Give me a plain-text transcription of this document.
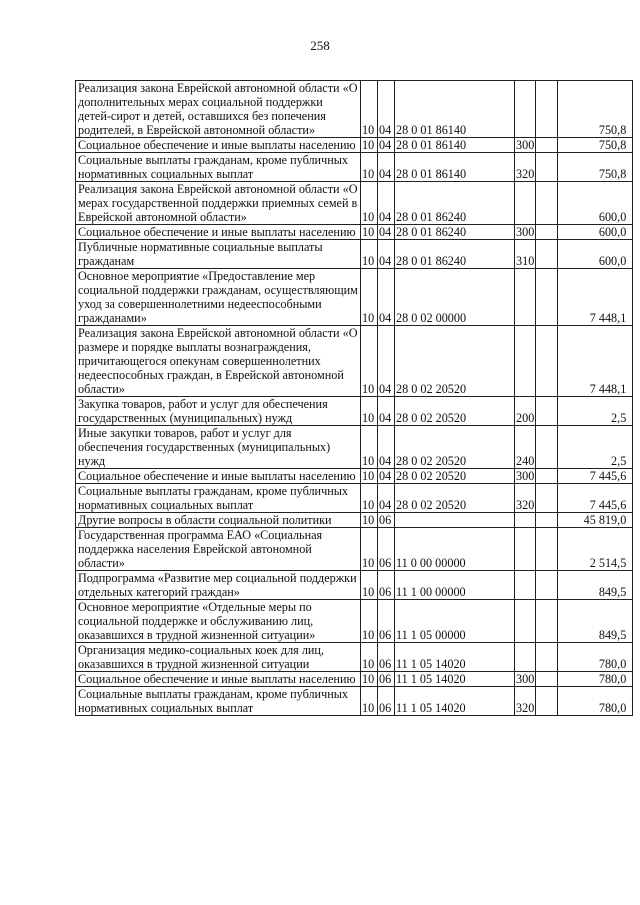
258
Реализация закона Еврейской автономной области «О дополнительных мерах социальной поддержки детей-сирот и детей, оставшихся без попечения родителей, в Еврейской автономной области»	10	04	28 0 01 86140			750,8
Социальное обеспечение и иные выплаты населению	10	04	28 0 01 86140	300		750,8
Социальные выплаты гражданам, кроме публичных нормативных социальных выплат	10	04	28 0 01 86140	320		750,8
Реализация закона Еврейской автономной области «О мерах государственной поддержки приемных семей в Еврейской автономной области»	10	04	28 0 01 86240			600,0
Социальное обеспечение и иные выплаты населению	10	04	28 0 01 86240	300		600,0
Публичные нормативные социальные выплаты гражданам	10	04	28 0 01 86240	310		600,0
Основное мероприятие «Предоставление мер социальной поддержки гражданам, осуществляющим уход за совершеннолетними недееспособными гражданами»	10	04	28 0 02 00000			7 448,1
Реализация закона Еврейской автономной области «О размере и порядке выплаты вознаграждения, причитающегося опекунам совершеннолетних недееспособных граждан, в Еврейской автономной области»	10	04	28 0 02 20520			7 448,1
Закупка товаров, работ и услуг для обеспечения государственных (муниципальных) нужд	10	04	28 0 02 20520	200		2,5
Иные закупки товаров, работ и услуг для обеспечения государственных (муниципальных) нужд	10	04	28 0 02 20520	240		2,5
Социальное обеспечение и иные выплаты населению	10	04	28 0 02 20520	300		7 445,6
Социальные выплаты гражданам, кроме публичных нормативных социальных выплат	10	04	28 0 02 20520	320		7 445,6
Другие вопросы в области социальной политики	10	06				45 819,0
Государственная программа ЕАО «Социальная поддержка населения Еврейской автономной области»	10	06	11 0 00 00000			2 514,5
Подпрограмма «Развитие мер социальной поддержки отдельных категорий граждан»	10	06	11 1 00 00000			849,5
Основное мероприятие «Отдельные меры по социальной поддержке и обслуживанию лиц, оказавшихся в трудной жизненной ситуации»	10	06	11 1 05 00000			849,5
Организация медико-социальных коек для лиц, оказавшихся в трудной жизненной ситуации	10	06	11 1 05 14020			780,0
Социальное обеспечение и иные выплаты населению	10	06	11 1 05 14020	300		780,0
Социальные выплаты гражданам, кроме публичных нормативных социальных выплат	10	06	11 1 05 14020	320		780,0
